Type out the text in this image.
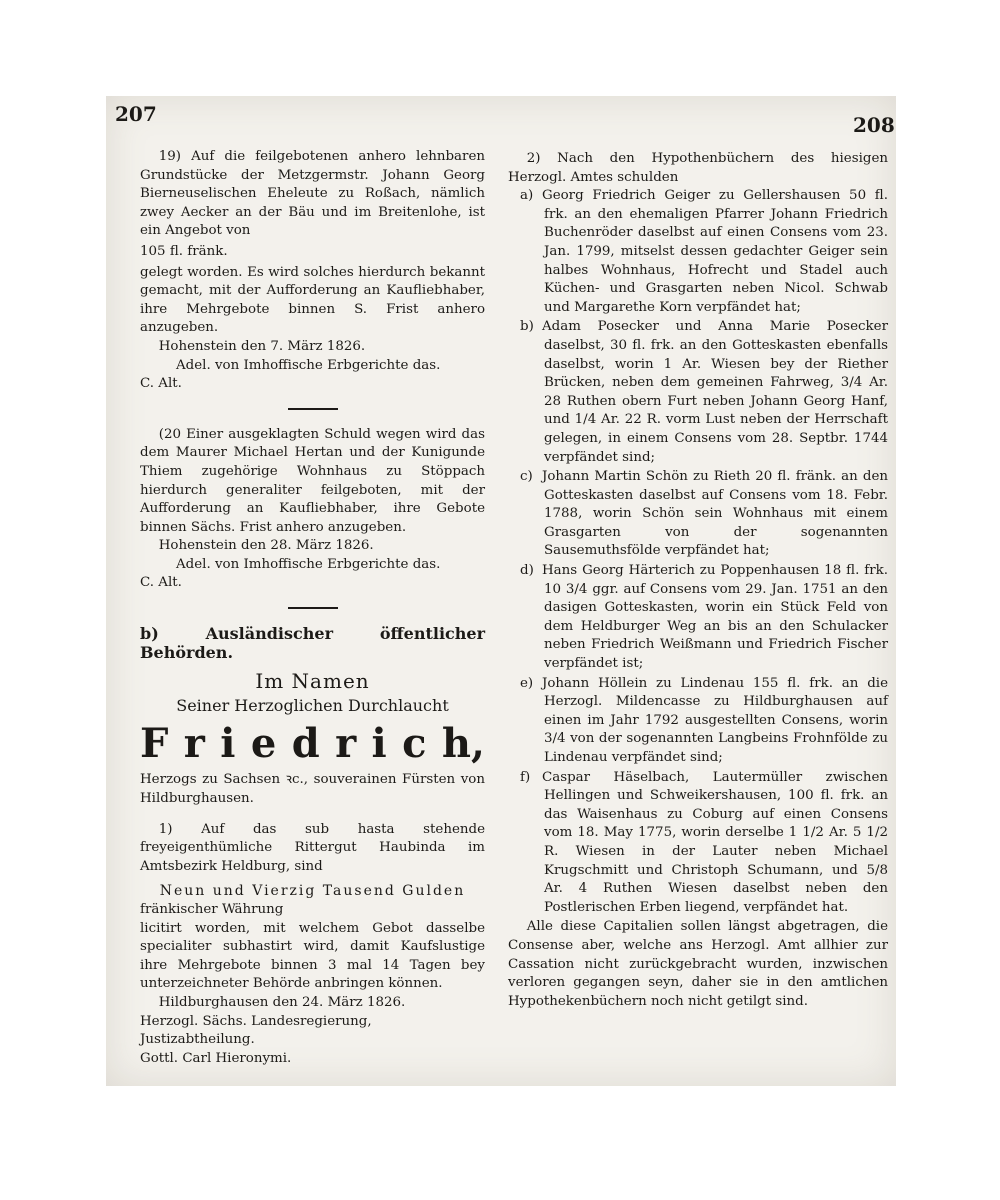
207	208

19) Auf die feilgebotenen anhero lehnbaren Grundstücke der Metzgermstr. Johann Georg Bierneuselischen Eheleute zu Roßach, nämlich zwey Aecker an der Bäu und im Breitenlohe, ist ein Angebot von

105 fl. fränk.

gelegt worden. Es wird solches hierdurch bekannt gemacht, mit der Aufforderung an Kaufliebhaber, ihre Mehrgebote binnen S. Frist anhero anzugeben.

Hohenstein den 7. März 1826.

Adel. von Imhoffische Erbgerichte das.

C. Alt.

(20 Einer ausgeklagten Schuld wegen wird das dem Maurer Michael Hertan und der Kunigunde Thiem zugehörige Wohnhaus zu Stöppach hierdurch generaliter feilgeboten, mit der Aufforderung an Kaufliebhaber, ihre Gebote binnen Sächs. Frist anhero anzugeben.

Hohenstein den 28. März 1826.

Adel. von Imhoffische Erbgerichte das.

C. Alt.

b) Ausländischer öffentlicher Behörden.

Im Namen

Seiner Herzoglichen Durchlaucht

F r i e d r i c h,

Herzogs zu Sachsen ꝛc., souverainen Fürsten von Hildburghausen.

1) Auf das sub hasta stehende freyeigenthümliche Rittergut Haubinda im Amtsbezirk Heldburg, sind

Neun und Vierzig Tausend Gulden

fränkischer Währung

licitirt worden, mit welchem Gebot dasselbe specialiter subhastirt wird, damit Kaufslustige ihre Mehrgebote binnen 3 mal 14 Tagen bey unterzeichneter Behörde anbringen können.

Hildburghausen den 24. März 1826.

Herzogl. Sächs. Landesregierung,

Justizabtheilung.

Gottl. Carl Hieronymi.

2) Nach den Hypothenbüchern des hiesigen Herzogl. Amtes schulden

a) Georg Friedrich Geiger zu Gellershausen 50 fl. frk. an den ehemaligen Pfarrer Johann Friedrich Buchenröder daselbst auf einen Consens vom 23. Jan. 1799, mitselst dessen gedachter Geiger sein halbes Wohnhaus, Hofrecht und Stadel auch Küchen- und Grasgarten neben Nicol. Schwab und Margarethe Korn verpfändet hat;

b) Adam Posecker und Anna Marie Posecker daselbst, 30 fl. frk. an den Gotteskasten ebenfalls daselbst, worin 1 Ar. Wiesen bey der Riether Brücken, neben dem gemeinen Fahrweg, 3/4 Ar. 28 Ruthen obern Furt neben Johann Georg Hanf, und 1/4 Ar. 22 R. vorm Lust neben der Herrschaft gelegen, in einem Consens vom 28. Septbr. 1744 verpfändet sind;

c) Johann Martin Schön zu Rieth 20 fl. fränk. an den Gotteskasten daselbst auf Consens vom 18. Febr. 1788, worin Schön sein Wohnhaus mit einem Grasgarten von der sogenannten Sausemuthsfölde verpfändet hat;

d) Hans Georg Härterich zu Poppenhausen 18 fl. frk. 10 3/4 ggr. auf Consens vom 29. Jan. 1751 an den dasigen Gotteskasten, worin ein Stück Feld von dem Heldburger Weg an bis an den Schulacker neben Friedrich Weißmann und Friedrich Fischer verpfändet ist;

e) Johann Höllein zu Lindenau 155 fl. frk. an die Herzogl. Mildencasse zu Hildburghausen auf einen im Jahr 1792 ausgestellten Consens, worin 3/4 von der sogenannten Langbeins Frohnfölde zu Lindenau verpfändet sind;

f) Caspar Häselbach, Lautermüller zwischen Hellingen und Schweikershausen, 100 fl. frk. an das Waisenhaus zu Coburg auf einen Consens vom 18. May 1775, worin derselbe 1 1/2 Ar. 5 1/2 R. Wiesen in der Lauter neben Michael Krugschmitt und Christoph Schumann, und 5/8 Ar. 4 Ruthen Wiesen daselbst neben den Postlerischen Erben liegend, verpfändet hat.

Alle diese Capitalien sollen längst abgetragen, die Consense aber, welche ans Herzogl. Amt allhier zur Cassation nicht zurückgebracht wurden, inzwischen verloren gegangen seyn, daher sie in den amtlichen Hypothekenbüchern noch nicht getilgt sind.
